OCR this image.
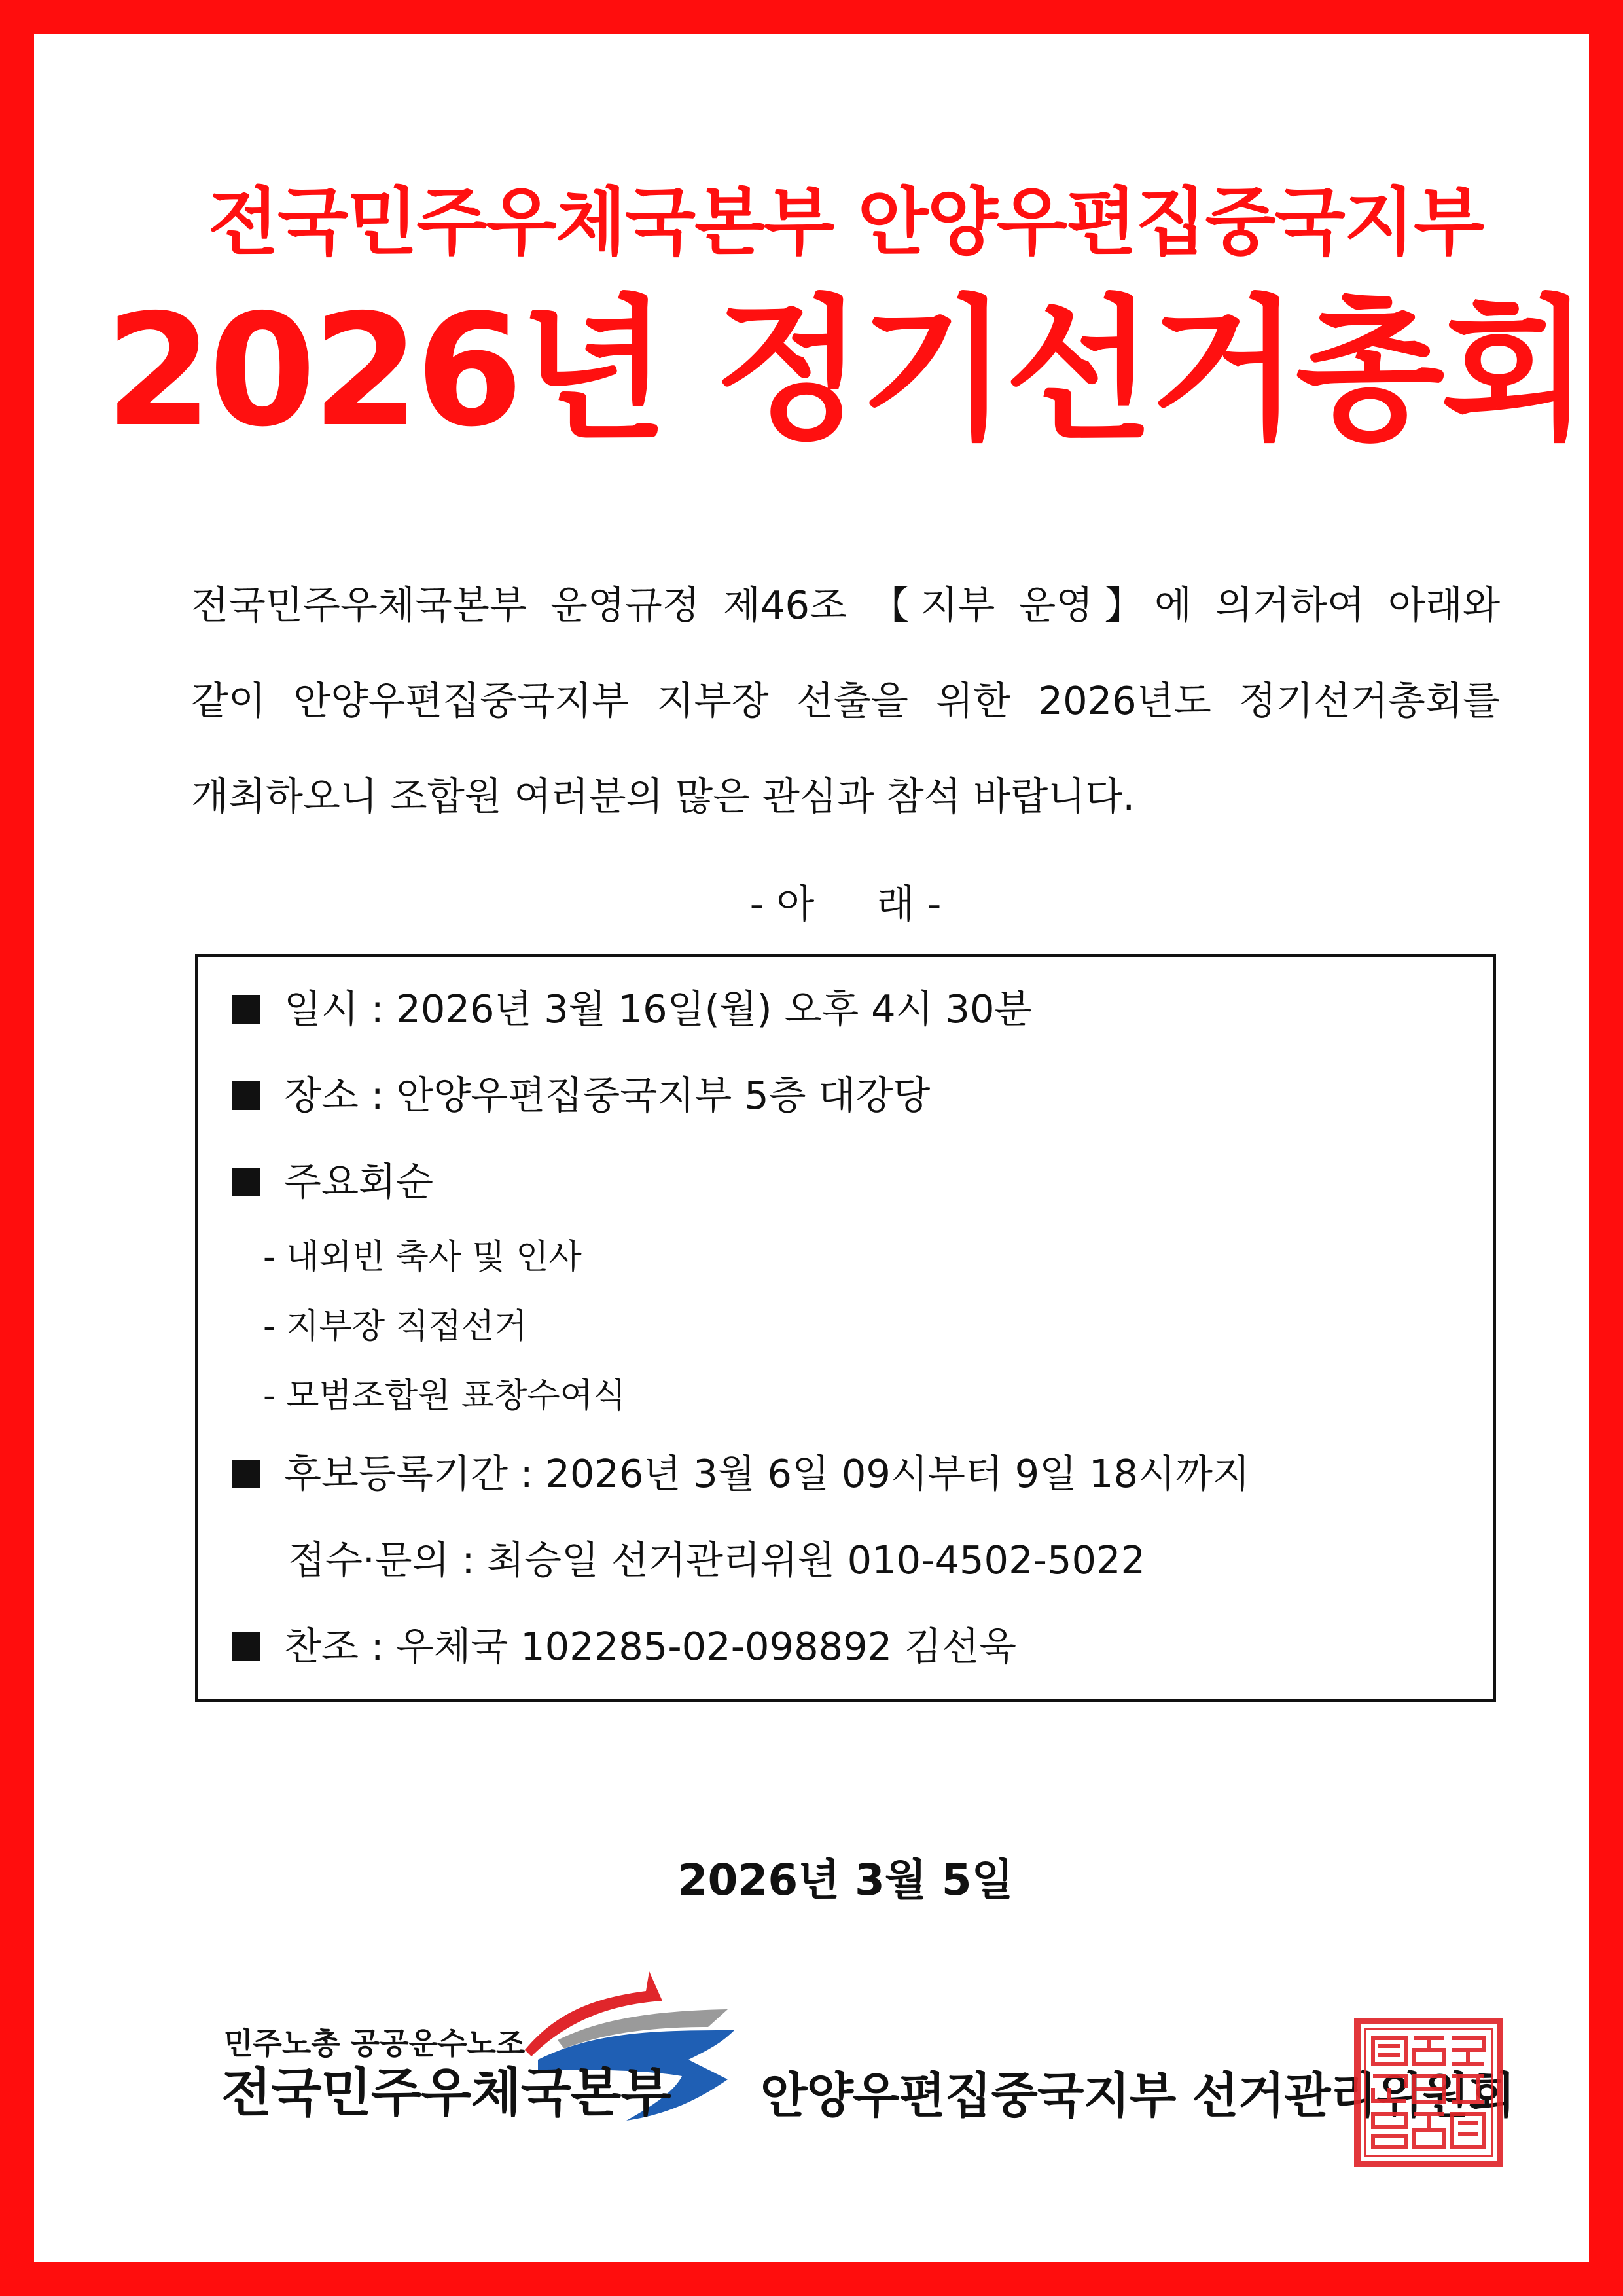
전국민주우체국본부 안양우편집중국지부
2026년 정기선거총회
전국민주우체국본부 운영규정 제46조 【지부 운영】에 의거하여 아래와
같이 안양우편집중국지부 지부장 선출을 위한 2026년도 정기선거총회를
개최하오니 조합원 여러분의 많은 관심과 참석 바랍니다.
- 아     래 -
일시 : 2026년 3월 16일(월) 오후 4시 30분
장소 : 안양우편집중국지부 5층 대강당
주요회순
- 내외빈 축사 및 인사
- 지부장 직접선거
- 모범조합원 표창수여식
후보등록기간 : 2026년 3월 6일 09시부터 9일 18시까지
접수·문의 : 최승일 선거관리위원 010-4502-5022
찬조 : 우체국 102285-02-098892 김선욱
2026년 3월 5일
민주노총 공공운수노조
전국민주우체국본부 안양우편집중국지부 선거관리위원회
